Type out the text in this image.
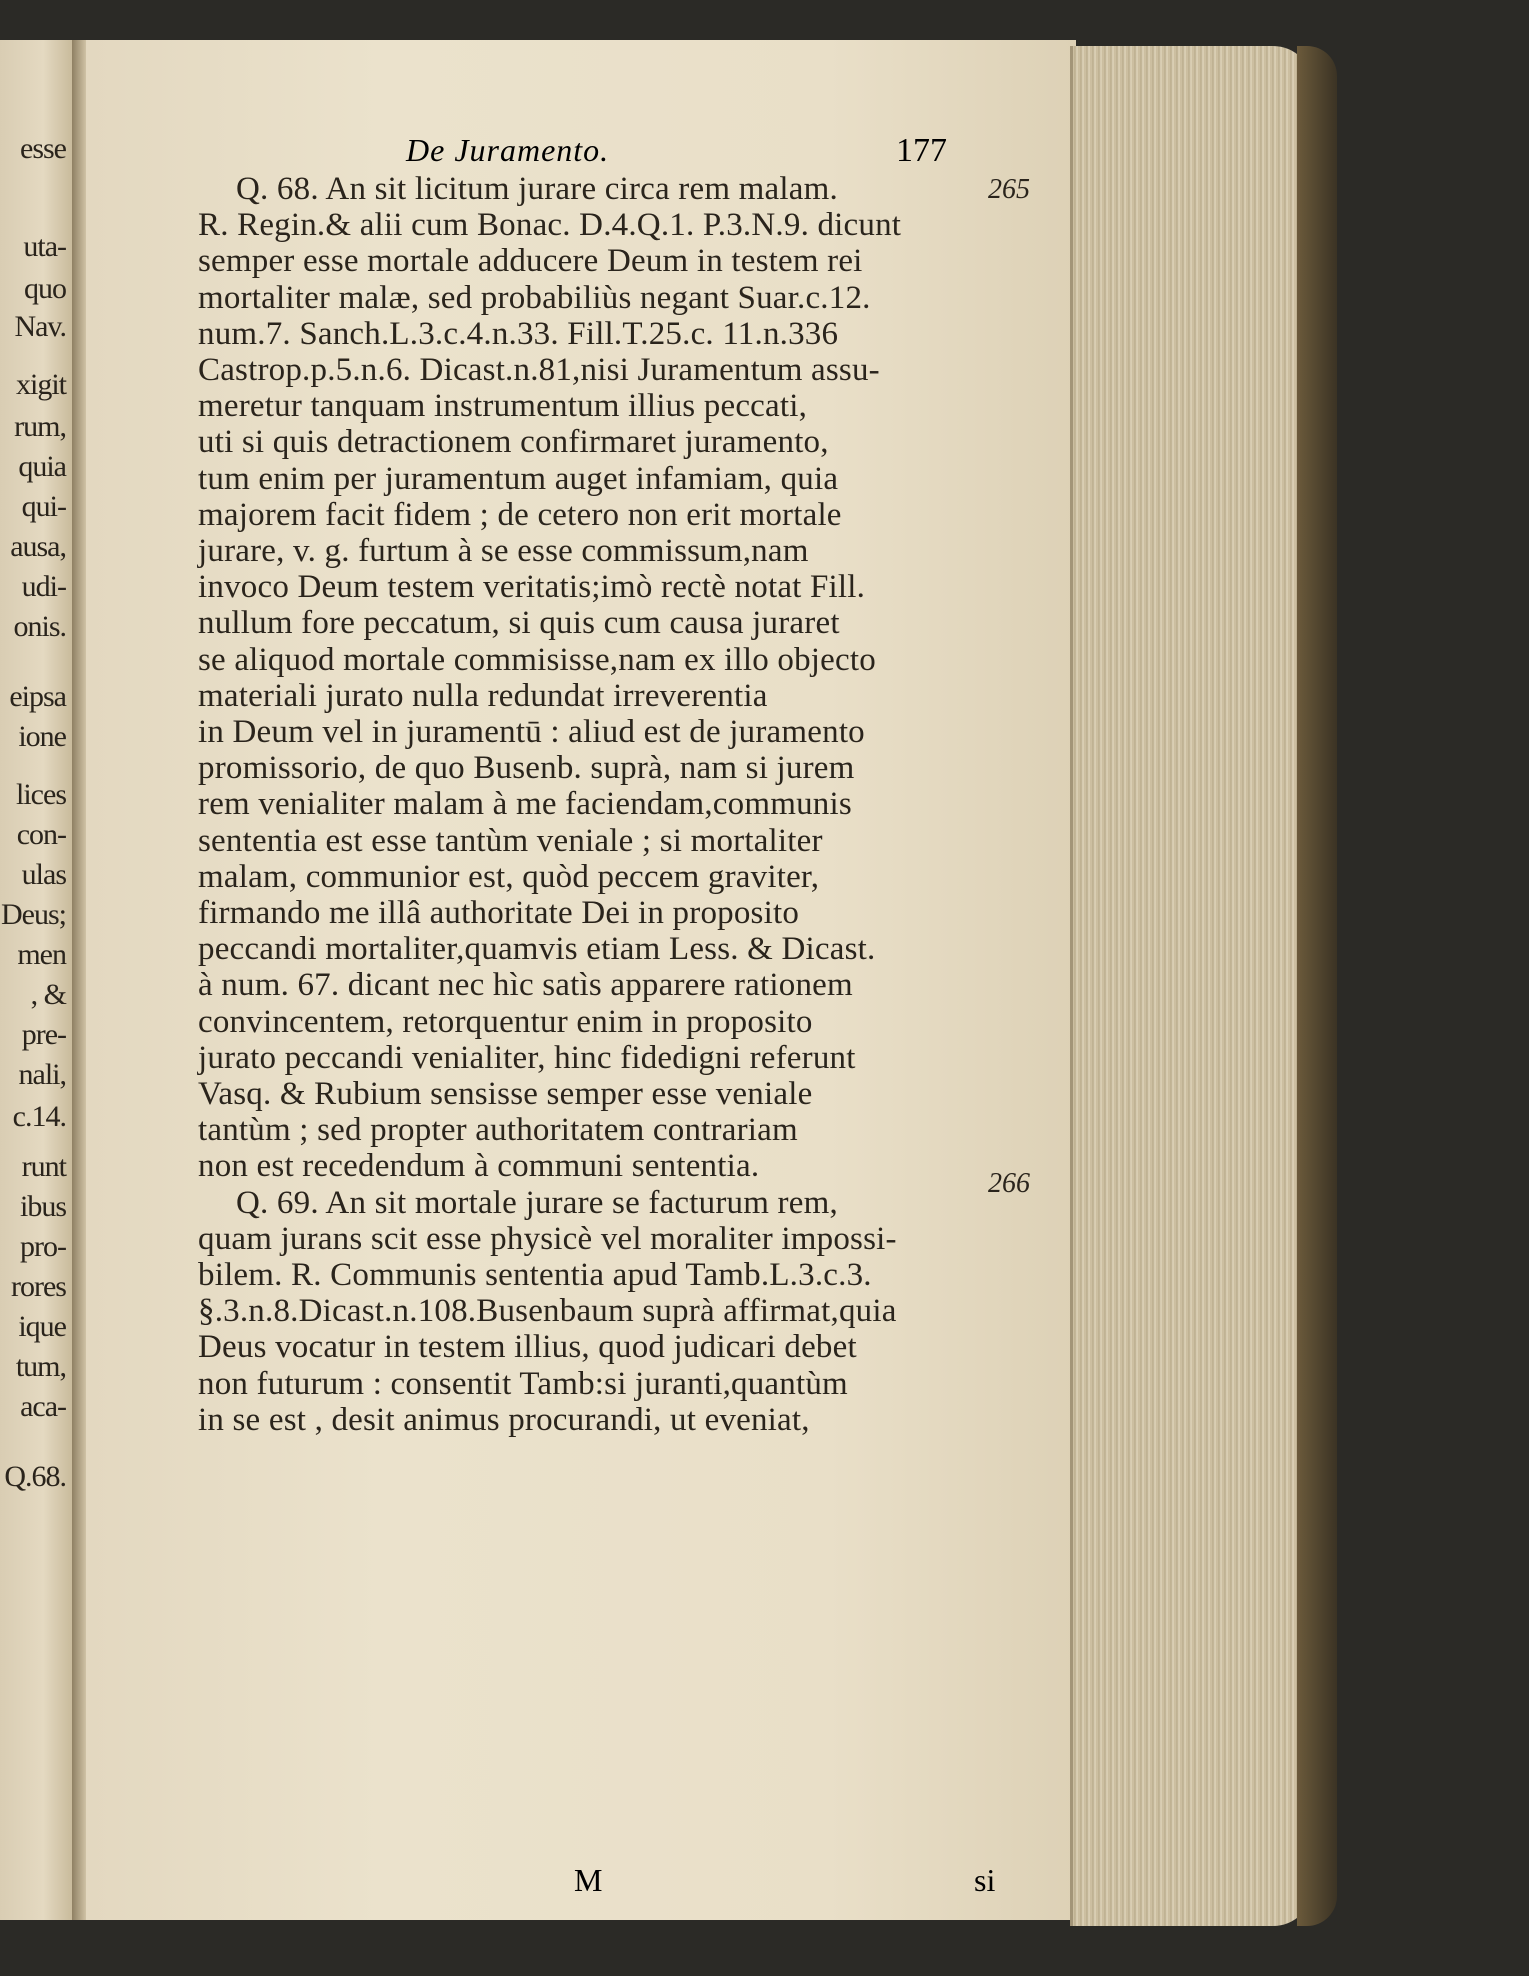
esse
uta-
quo
Nav.
xigit
rum,
quia
qui-
ausa,
udi-
onis.
eipsa
ione
lices
con-
ulas
Deus;
men
, &
pre-
nali,
c.14.
runt
ibus
pro-
rores
ique
tum,
aca-
Q.68.
De Juramento.	177
265
266
Q. 68. An sit licitum jurare circa rem malam.
R. Regin.& alii cum Bonac. D.4.Q.1. P.3.N.9. dicunt
semper esse mortale adducere Deum in testem rei
mortaliter malæ, sed probabiliùs negant Suar.c.12.
num.7. Sanch.L.3.c.4.n.33. Fill.T.25.c. 11.n.336
Castrop.p.5.n.6. Dicast.n.81,nisi Juramentum assu-
meretur tanquam instrumentum illius peccati,
uti si quis detractionem confirmaret juramento,
tum enim per juramentum auget infamiam, quia
majorem facit fidem ; de cetero non erit mortale
jurare, v. g. furtum à se esse commissum,nam
invoco Deum testem veritatis;imò rectè notat Fill.
nullum fore peccatum, si quis cum causa juraret
se aliquod mortale commisisse,nam ex illo objecto
materiali jurato nulla redundat irreverentia
in Deum vel in juramentū : aliud est de juramento
promissorio, de quo Busenb. suprà, nam si jurem
rem venialiter malam à me faciendam,communis
sententia est esse tantùm veniale ; si mortaliter
malam, communior est, quòd peccem graviter,
firmando me illâ authoritate Dei in proposito
peccandi mortaliter,quamvis etiam Less. & Dicast.
à num. 67. dicant nec hìc satìs apparere rationem
convincentem, retorquentur enim in proposito
jurato peccandi venialiter, hinc fidedigni referunt
Vasq. & Rubium sensisse semper esse veniale
tantùm ; sed propter authoritatem contrariam
non est recedendum à communi sententia.
Q. 69. An sit mortale jurare se facturum rem,
quam jurans scit esse physicè vel moraliter impossi-
bilem. R. Communis sententia apud Tamb.L.3.c.3.
§.3.n.8.Dicast.n.108.Busenbaum suprà affirmat,quia
Deus vocatur in testem illius, quod judicari debet
non futurum : consentit Tamb:si juranti,quantùm
in se est , desit animus procurandi, ut eveniat,
M	si
